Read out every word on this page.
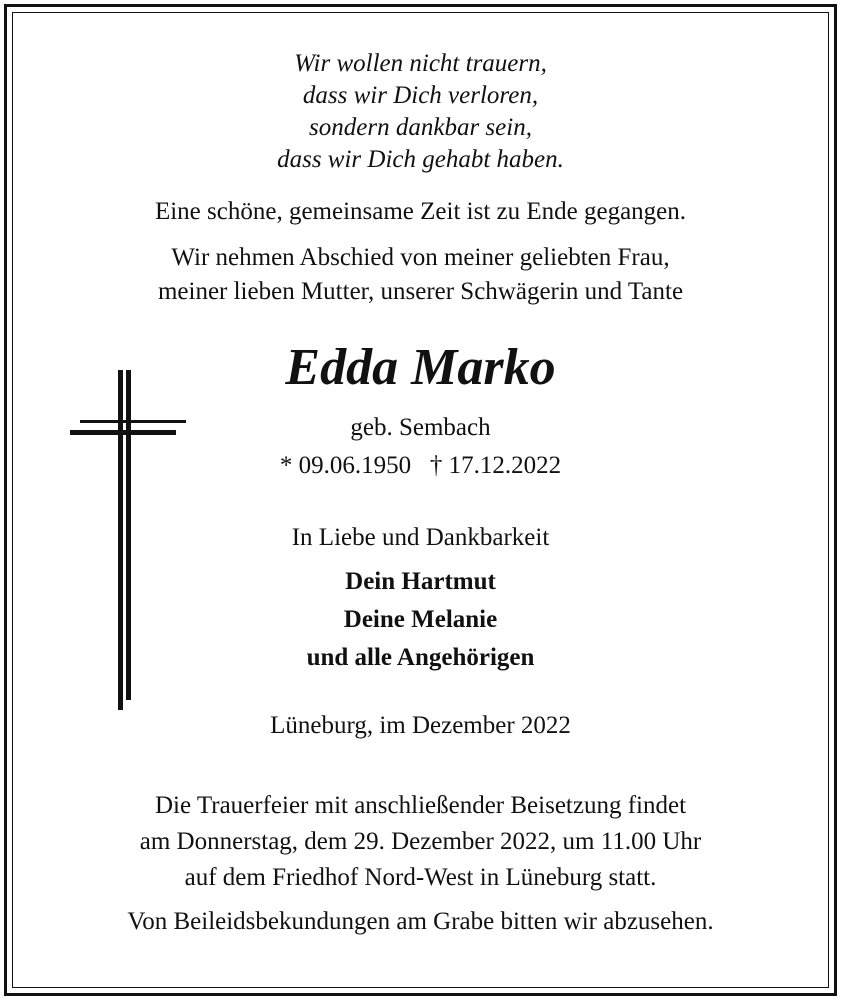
Wir wollen nicht trauern,
dass wir Dich verloren,
sondern dankbar sein,
dass wir Dich gehabt haben.
Eine schöne, gemeinsame Zeit ist zu Ende gegangen.
Wir nehmen Abschied von meiner geliebten Frau,
meiner lieben Mutter, unserer Schwägerin und Tante
Edda Marko
geb. Sembach
* 09.06.1950   † 17.12.2022
In Liebe und Dankbarkeit
Dein Hartmut
Deine Melanie
und alle Angehörigen
Lüneburg, im Dezember 2022
Die Trauerfeier mit anschließender Beisetzung findet
am Donnerstag, dem 29. Dezember 2022, um 11.00 Uhr
auf dem Friedhof Nord-West in Lüneburg statt.
Von Beileidsbekundungen am Grabe bitten wir abzusehen.
